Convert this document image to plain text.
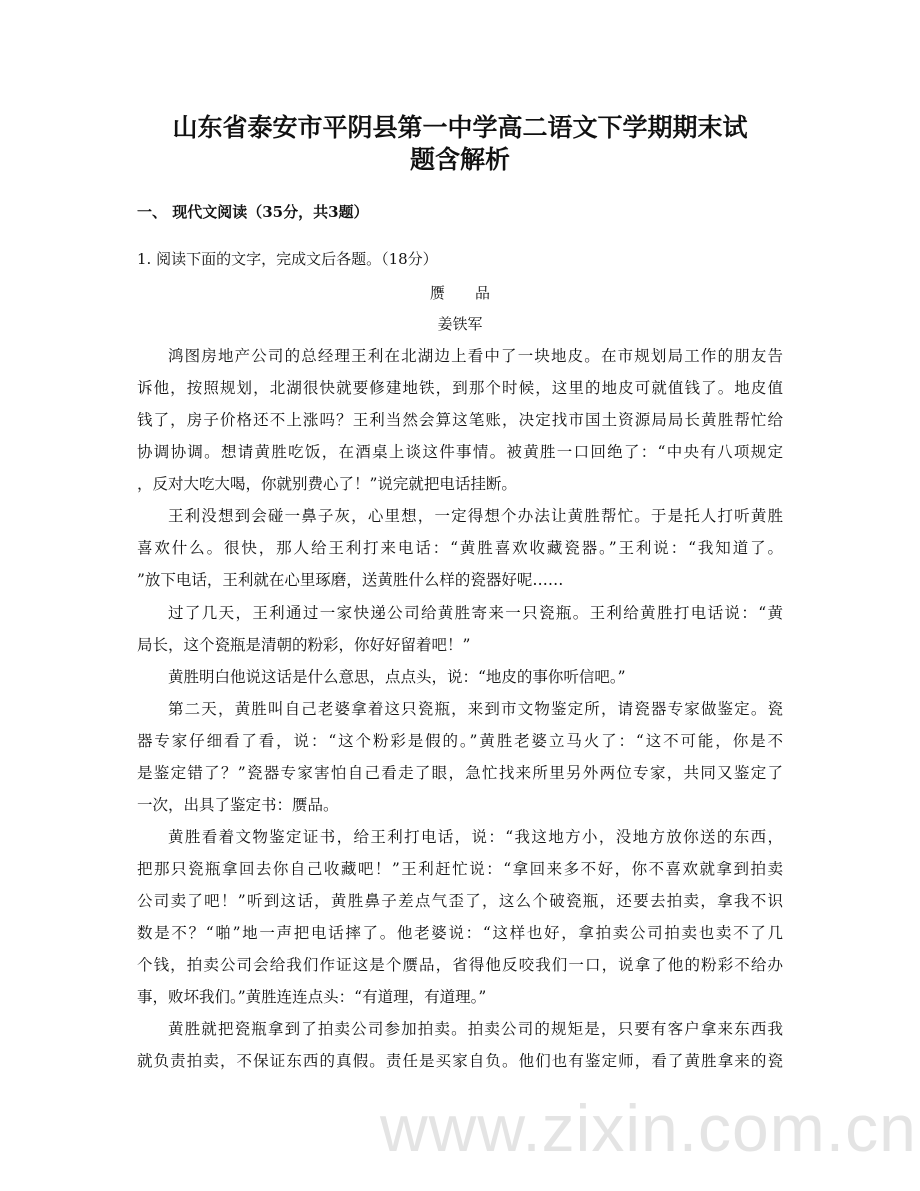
山东省泰安市平阴县第一中学高二语文下学期期末试
题含解析
一、 现代文阅读（35分，共3题）
1. 阅读下面的文字，完成文后各题。（18分）
赝　　品
姜铁军
鸿图房地产公司的总经理王利在北湖边上看中了一块地皮。在市规划局工作的朋友告
诉他，按照规划，北湖很快就要修建地铁，到那个时候，这里的地皮可就值钱了。地皮值
钱了，房子价格还不上涨吗？王利当然会算这笔账，决定找市国土资源局局长黄胜帮忙给
协调协调。想请黄胜吃饭，在酒桌上谈这件事情。被黄胜一口回绝了：“中央有八项规定
，反对大吃大喝，你就别费心了！”说完就把电话挂断。
王利没想到会碰一鼻子灰，心里想，一定得想个办法让黄胜帮忙。于是托人打听黄胜
喜欢什么。很快，那人给王利打来电话：“黄胜喜欢收藏瓷器。”王利说：“我知道了。
”放下电话，王利就在心里琢磨，送黄胜什么样的瓷器好呢……
过了几天，王利通过一家快递公司给黄胜寄来一只瓷瓶。王利给黄胜打电话说：“黄
局长，这个瓷瓶是清朝的粉彩，你好好留着吧！”
黄胜明白他说这话是什么意思，点点头，说：“地皮的事你听信吧。”
第二天，黄胜叫自己老婆拿着这只瓷瓶，来到市文物鉴定所，请瓷器专家做鉴定。瓷
器专家仔细看了看，说：“这个粉彩是假的。”黄胜老婆立马火了：“这不可能，你是不
是鉴定错了？”瓷器专家害怕自己看走了眼，急忙找来所里另外两位专家，共同又鉴定了
一次，出具了鉴定书：赝品。
黄胜看着文物鉴定证书，给王利打电话，说：“我这地方小，没地方放你送的东西，
把那只瓷瓶拿回去你自己收藏吧！”王利赶忙说：“拿回来多不好，你不喜欢就拿到拍卖
公司卖了吧！”听到这话，黄胜鼻子差点气歪了，这么个破瓷瓶，还要去拍卖，拿我不识
数是不？“啪”地一声把电话摔了。他老婆说：“这样也好，拿拍卖公司拍卖也卖不了几
个钱，拍卖公司会给我们作证这是个赝品，省得他反咬我们一口，说拿了他的粉彩不给办
事，败坏我们。”黄胜连连点头：“有道理，有道理。”
黄胜就把瓷瓶拿到了拍卖公司参加拍卖。拍卖公司的规矩是，只要有客户拿来东西我
就负责拍卖，不保证东西的真假。责任是买家自负。他们也有鉴定师，看了黄胜拿来的瓷
www.zixin.com.cn
